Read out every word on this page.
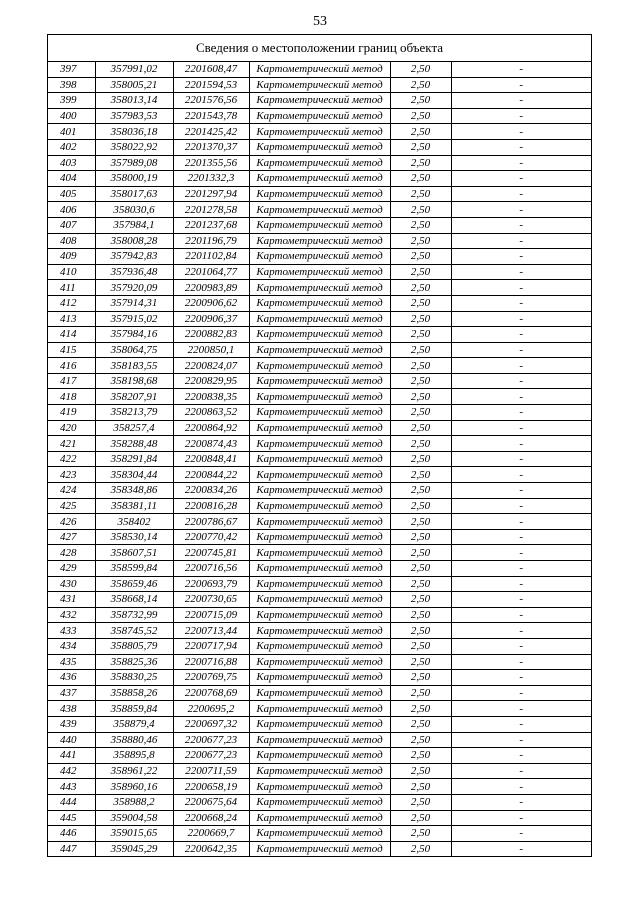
53
Сведения о местоположении границ объекта
397	357991,02	2201608,47	Картометрический метод	2,50	-
398	358005,21	2201594,53	Картометрический метод	2,50	-
399	358013,14	2201576,56	Картометрический метод	2,50	-
400	357983,53	2201543,78	Картометрический метод	2,50	-
401	358036,18	2201425,42	Картометрический метод	2,50	-
402	358022,92	2201370,37	Картометрический метод	2,50	-
403	357989,08	2201355,56	Картометрический метод	2,50	-
404	358000,19	2201332,3	Картометрический метод	2,50	-
405	358017,63	2201297,94	Картометрический метод	2,50	-
406	358030,6	2201278,58	Картометрический метод	2,50	-
407	357984,1	2201237,68	Картометрический метод	2,50	-
408	358008,28	2201196,79	Картометрический метод	2,50	-
409	357942,83	2201102,84	Картометрический метод	2,50	-
410	357936,48	2201064,77	Картометрический метод	2,50	-
411	357920,09	2200983,89	Картометрический метод	2,50	-
412	357914,31	2200906,62	Картометрический метод	2,50	-
413	357915,02	2200906,37	Картометрический метод	2,50	-
414	357984,16	2200882,83	Картометрический метод	2,50	-
415	358064,75	2200850,1	Картометрический метод	2,50	-
416	358183,55	2200824,07	Картометрический метод	2,50	-
417	358198,68	2200829,95	Картометрический метод	2,50	-
418	358207,91	2200838,35	Картометрический метод	2,50	-
419	358213,79	2200863,52	Картометрический метод	2,50	-
420	358257,4	2200864,92	Картометрический метод	2,50	-
421	358288,48	2200874,43	Картометрический метод	2,50	-
422	358291,84	2200848,41	Картометрический метод	2,50	-
423	358304,44	2200844,22	Картометрический метод	2,50	-
424	358348,86	2200834,26	Картометрический метод	2,50	-
425	358381,11	2200816,28	Картометрический метод	2,50	-
426	358402	2200786,67	Картометрический метод	2,50	-
427	358530,14	2200770,42	Картометрический метод	2,50	-
428	358607,51	2200745,81	Картометрический метод	2,50	-
429	358599,84	2200716,56	Картометрический метод	2,50	-
430	358659,46	2200693,79	Картометрический метод	2,50	-
431	358668,14	2200730,65	Картометрический метод	2,50	-
432	358732,99	2200715,09	Картометрический метод	2,50	-
433	358745,52	2200713,44	Картометрический метод	2,50	-
434	358805,79	2200717,94	Картометрический метод	2,50	-
435	358825,36	2200716,88	Картометрический метод	2,50	-
436	358830,25	2200769,75	Картометрический метод	2,50	-
437	358858,26	2200768,69	Картометрический метод	2,50	-
438	358859,84	2200695,2	Картометрический метод	2,50	-
439	358879,4	2200697,32	Картометрический метод	2,50	-
440	358880,46	2200677,23	Картометрический метод	2,50	-
441	358895,8	2200677,23	Картометрический метод	2,50	-
442	358961,22	2200711,59	Картометрический метод	2,50	-
443	358960,16	2200658,19	Картометрический метод	2,50	-
444	358988,2	2200675,64	Картометрический метод	2,50	-
445	359004,58	2200668,24	Картометрический метод	2,50	-
446	359015,65	2200669,7	Картометрический метод	2,50	-
447	359045,29	2200642,35	Картометрический метод	2,50	-
